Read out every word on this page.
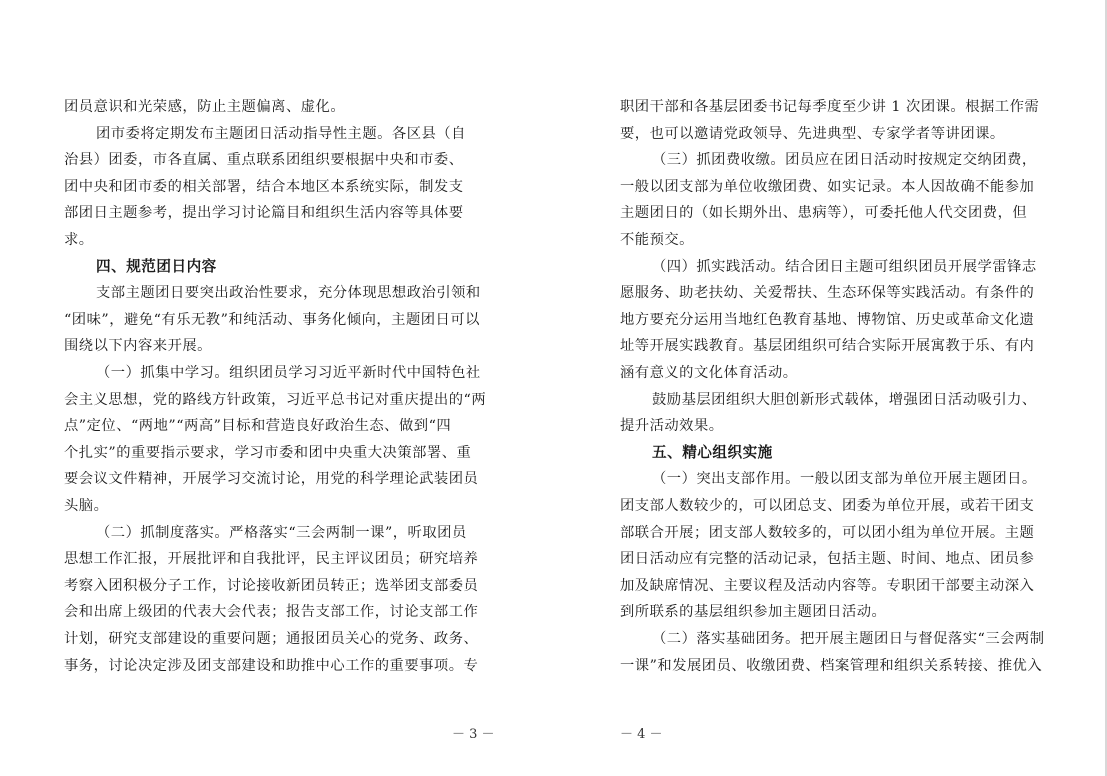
团员意识和光荣感，防止主题偏离、虚化。
团市委将定期发布主题团日活动指导性主题。各区县（自
治县）团委，市各直属、重点联系团组织要根据中央和市委、
团中央和团市委的相关部署，结合本地区本系统实际，制发支
部团日主题参考，提出学习讨论篇目和组织生活内容等具体要
求。
四、规范团日内容
支部主题团日要突出政治性要求，充分体现思想政治引领和
“团味”，避免“有乐无教”和纯活动、事务化倾向，主题团日可以
围绕以下内容来开展。
（一）抓集中学习。组织团员学习习近平新时代中国特色社
会主义思想，党的路线方针政策，习近平总书记对重庆提出的“两
点”定位、“两地”“两高”目标和营造良好政治生态、做到“四
个扎实”的重要指示要求，学习市委和团中央重大决策部署、重
要会议文件精神，开展学习交流讨论，用党的科学理论武装团员
头脑。
（二）抓制度落实。严格落实“三会两制一课”，听取团员
思想工作汇报，开展批评和自我批评，民主评议团员；研究培养
考察入团积极分子工作，讨论接收新团员转正；选举团支部委员
会和出席上级团的代表大会代表；报告支部工作，讨论支部工作
计划，研究支部建设的重要问题；通报团员关心的党务、政务、
事务，讨论决定涉及团支部建设和助推中心工作的重要事项。专
－ 3 －
职团干部和各基层团委书记每季度至少讲 1 次团课。根据工作需
要，也可以邀请党政领导、先进典型、专家学者等讲团课。
（三）抓团费收缴。团员应在团日活动时按规定交纳团费，
一般以团支部为单位收缴团费、如实记录。本人因故确不能参加
主题团日的（如长期外出、患病等），可委托他人代交团费，但
不能预交。
（四）抓实践活动。结合团日主题可组织团员开展学雷锋志
愿服务、助老扶幼、关爱帮扶、生态环保等实践活动。有条件的
地方要充分运用当地红色教育基地、博物馆、历史或革命文化遗
址等开展实践教育。基层团组织可结合实际开展寓教于乐、有内
涵有意义的文化体育活动。
鼓励基层团组织大胆创新形式载体，增强团日活动吸引力、
提升活动效果。
五、精心组织实施
（一）突出支部作用。一般以团支部为单位开展主题团日。
团支部人数较少的，可以团总支、团委为单位开展，或若干团支
部联合开展；团支部人数较多的，可以团小组为单位开展。主题
团日活动应有完整的活动记录，包括主题、时间、地点、团员参
加及缺席情况、主要议程及活动内容等。专职团干部要主动深入
到所联系的基层组织参加主题团日活动。
（二）落实基础团务。把开展主题团日与督促落实“三会两制
一课”和发展团员、收缴团费、档案管理和组织关系转接、推优入
－ 4 －
